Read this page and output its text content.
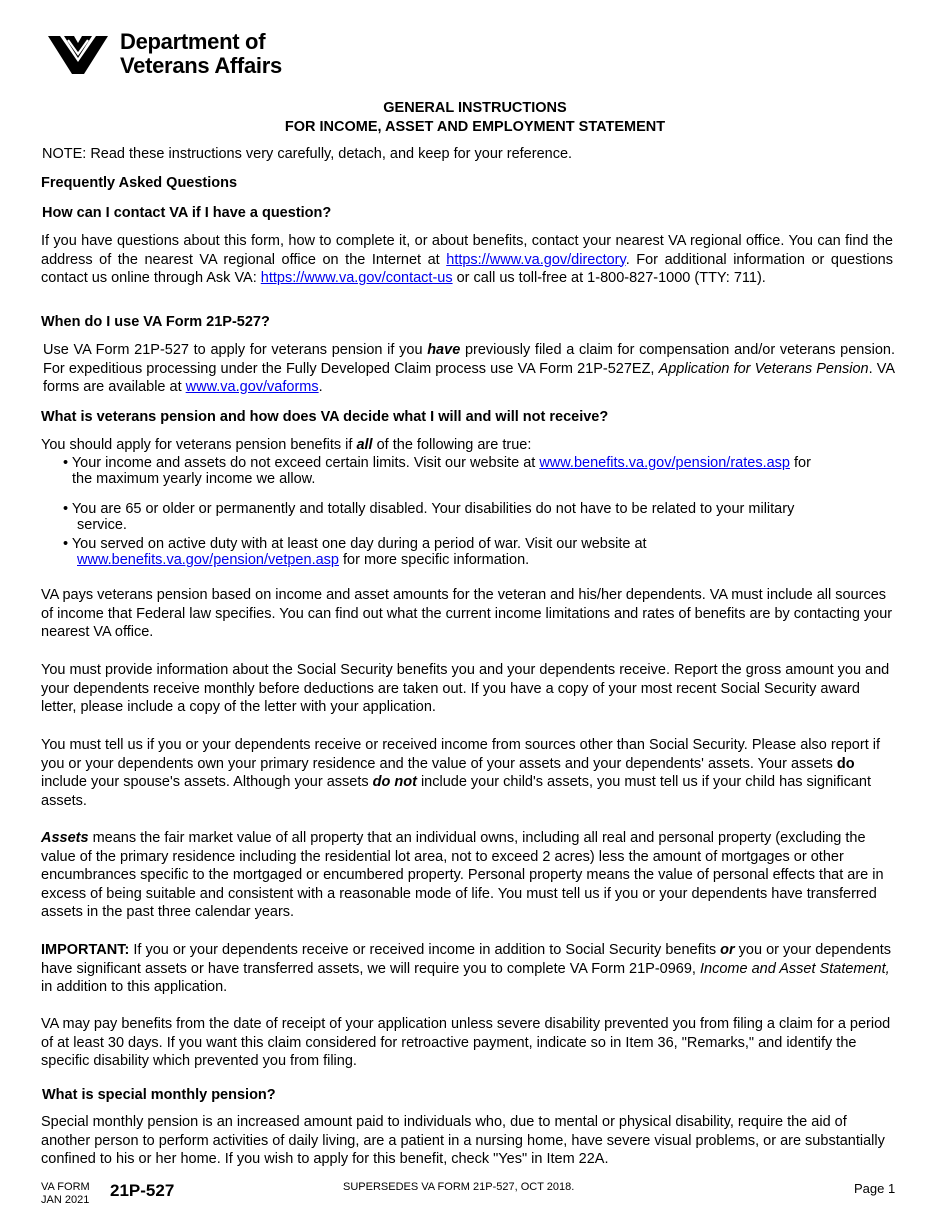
Department of
Veterans Affairs
GENERAL INSTRUCTIONS
FOR INCOME, ASSET AND EMPLOYMENT STATEMENT
NOTE: Read these instructions very carefully, detach, and keep for your reference.
Frequently Asked Questions
How can I contact VA if I have a question?
If you have questions about this form, how to complete it, or about benefits, contact your nearest VA regional office. You can find the address of the nearest VA regional office on the Internet at https://www.va.gov/directory. For additional information or questions contact us online through Ask VA: https://www.va.gov/contact-us or call us toll-free at 1-800-827-1000 (TTY: 711).
When do I use VA Form 21P-527?
Use VA Form 21P-527 to apply for veterans pension if you have previously filed a claim for compensation and/or veterans pension. For expeditious processing under the Fully Developed Claim process use VA Form 21P-527EZ, Application for Veterans Pension. VA forms are available at www.va.gov/vaforms.
What is veterans pension and how does VA decide what I will and will not receive?
You should apply for veterans pension benefits if all of the following are true:
• Your income and assets do not exceed certain limits. Visit our website at www.benefits.va.gov/pension/rates.asp for
the maximum yearly income we allow.
• You are 65 or older or permanently and totally disabled. Your disabilities do not have to be related to your military
service.
• You served on active duty with at least one day during a period of war. Visit our website at
www.benefits.va.gov/pension/vetpen.asp for more specific information.
VA pays veterans pension based on income and asset amounts for the veteran and his/her dependents. VA must include all sources of income that Federal law specifies. You can find out what the current income limitations and rates of benefits are by contacting your nearest VA office.
You must provide information about the Social Security benefits you and your dependents receive. Report the gross amount you and your dependents receive monthly before deductions are taken out. If you have a copy of your most recent Social Security award letter, please include a copy of the letter with your application.
You must tell us if you or your dependents receive or received income from sources other than Social Security. Please also report if you or your dependents own your primary residence and the value of your assets and your dependents' assets. Your assets do include your spouse's assets. Although your assets do not include your child's assets, you must tell us if your child has significant assets.
Assets means the fair market value of all property that an individual owns, including all real and personal property (excluding the value of the primary residence including the residential lot area, not to exceed 2 acres) less the amount of mortgages or other encumbrances specific to the mortgaged or encumbered property. Personal property means the value of personal effects that are in excess of being suitable and consistent with a reasonable mode of life. You must tell us if you or your dependents have transferred assets in the past three calendar years.
IMPORTANT: If you or your dependents receive or received income in addition to Social Security benefits or you or your dependents have significant assets or have transferred assets, we will require you to complete VA Form 21P-0969, Income and Asset Statement, in addition to this application.
VA may pay benefits from the date of receipt of your application unless severe disability prevented you from filing a claim for a period of at least 30 days. If you want this claim considered for retroactive payment, indicate so in Item 36, "Remarks," and identify the specific disability which prevented you from filing.
What is special monthly pension?
Special monthly pension is an increased amount paid to individuals who, due to mental or physical disability, require the aid of another person to perform activities of daily living, are a patient in a nursing home, have severe visual problems, or are substantially confined to his or her home. If you wish to apply for this benefit, check "Yes" in Item 22A.
VA FORM
JAN 2021 21P-527	SUPERSEDES VA FORM 21P-527, OCT 2018.	Page 1
